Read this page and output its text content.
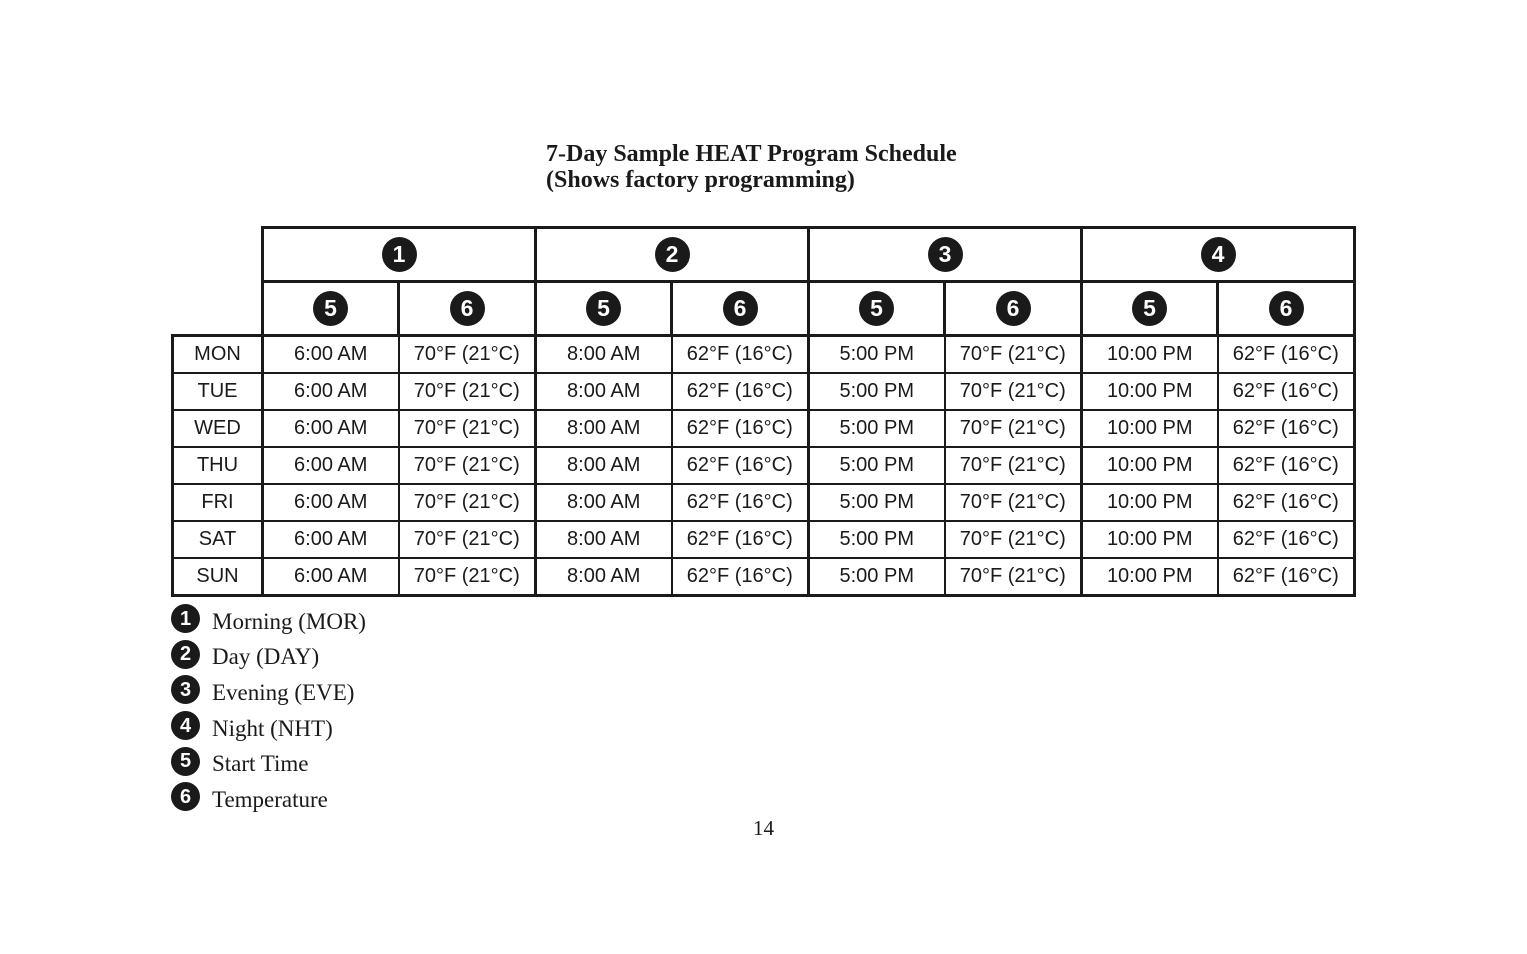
7-Day Sample HEAT Program Schedule
(Shows factory programming)
	1		2		3		4	
	5	6	5	6	5	6	5	6
MON	6:00 AM	70°F (21°C)	8:00 AM	62°F (16°C)	5:00 PM	70°F (21°C)	10:00 PM	62°F (16°C)
TUE	6:00 AM	70°F (21°C)	8:00 AM	62°F (16°C)	5:00 PM	70°F (21°C)	10:00 PM	62°F (16°C)
WED	6:00 AM	70°F (21°C)	8:00 AM	62°F (16°C)	5:00 PM	70°F (21°C)	10:00 PM	62°F (16°C)
THU	6:00 AM	70°F (21°C)	8:00 AM	62°F (16°C)	5:00 PM	70°F (21°C)	10:00 PM	62°F (16°C)
FRI	6:00 AM	70°F (21°C)	8:00 AM	62°F (16°C)	5:00 PM	70°F (21°C)	10:00 PM	62°F (16°C)
SAT	6:00 AM	70°F (21°C)	8:00 AM	62°F (16°C)	5:00 PM	70°F (21°C)	10:00 PM	62°F (16°C)
SUN	6:00 AM	70°F (21°C)	8:00 AM	62°F (16°C)	5:00 PM	70°F (21°C)	10:00 PM	62°F (16°C)
1 Morning (MOR)
2 Day (DAY)
3 Evening (EVE)
4 Night (NHT)
5 Start Time
6 Temperature
14
